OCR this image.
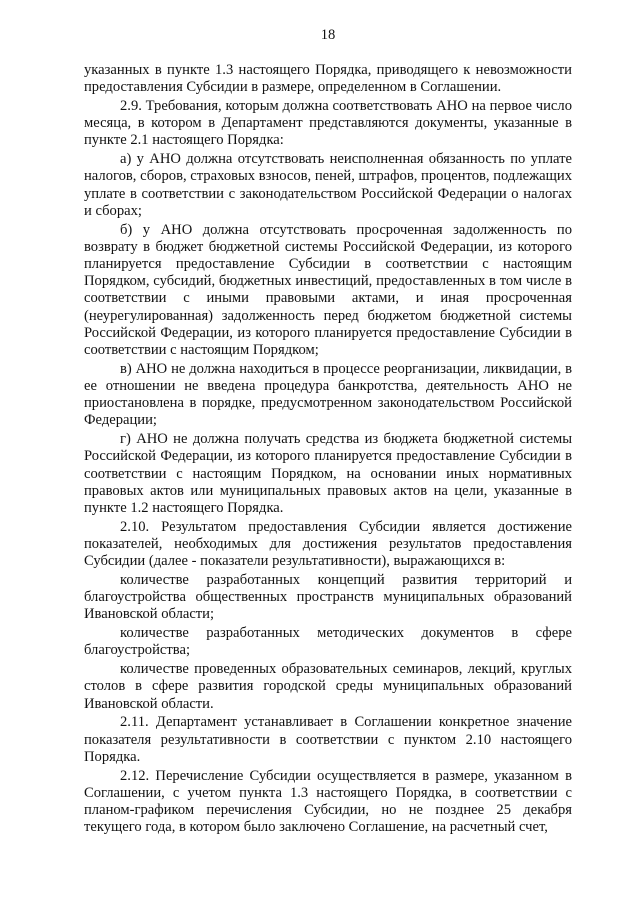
18

указанных в пункте 1.3 настоящего Порядка, приводящего к невозможности предоставления Субсидии в размере, определенном в Соглашении.

2.9. Требования, которым должна соответствовать АНО на первое число месяца, в котором в Департамент представляются документы, указанные в пункте 2.1 настоящего Порядка:

а) у АНО должна отсутствовать неисполненная обязанность по уплате налогов, сборов, страховых взносов, пеней, штрафов, процентов, подлежащих уплате в соответствии с законодательством Российской Федерации о налогах и сборах;

б) у АНО должна отсутствовать просроченная задолженность по возврату в бюджет бюджетной системы Российской Федерации, из которого планируется предоставление Субсидии в соответствии с настоящим Порядком, субсидий, бюджетных инвестиций, предоставленных в том числе в соответствии с иными правовыми актами, и иная просроченная (неурегулированная) задолженность перед бюджетом бюджетной системы Российской Федерации, из которого планируется предоставление Субсидии в соответствии с настоящим Порядком;

в) АНО не должна находиться в процессе реорганизации, ликвидации, в ее отношении не введена процедура банкротства, деятельность АНО не приостановлена в порядке, предусмотренном законодательством Российской Федерации;

г) АНО не должна получать средства из бюджета бюджетной системы Российской Федерации, из которого планируется предоставление Субсидии в соответствии с настоящим Порядком, на основании иных нормативных правовых актов или муниципальных правовых актов на цели, указанные в пункте 1.2 настоящего Порядка.

2.10. Результатом предоставления Субсидии является достижение показателей, необходимых для достижения результатов предоставления Субсидии (далее - показатели результативности), выражающихся в:

количестве разработанных концепций развития территорий и благоустройства общественных пространств муниципальных образований Ивановской области;

количестве разработанных методических документов в сфере благоустройства;

количестве проведенных образовательных семинаров, лекций, круглых столов в сфере развития городской среды муниципальных образований Ивановской области.

2.11. Департамент устанавливает в Соглашении конкретное значение показателя результативности в соответствии с пунктом 2.10 настоящего Порядка.

2.12. Перечисление Субсидии осуществляется в размере, указанном в Соглашении, с учетом пункта 1.3 настоящего Порядка, в соответствии с планом-графиком перечисления Субсидии, но не позднее 25 декабря текущего года, в котором было заключено Соглашение, на расчетный счет,
